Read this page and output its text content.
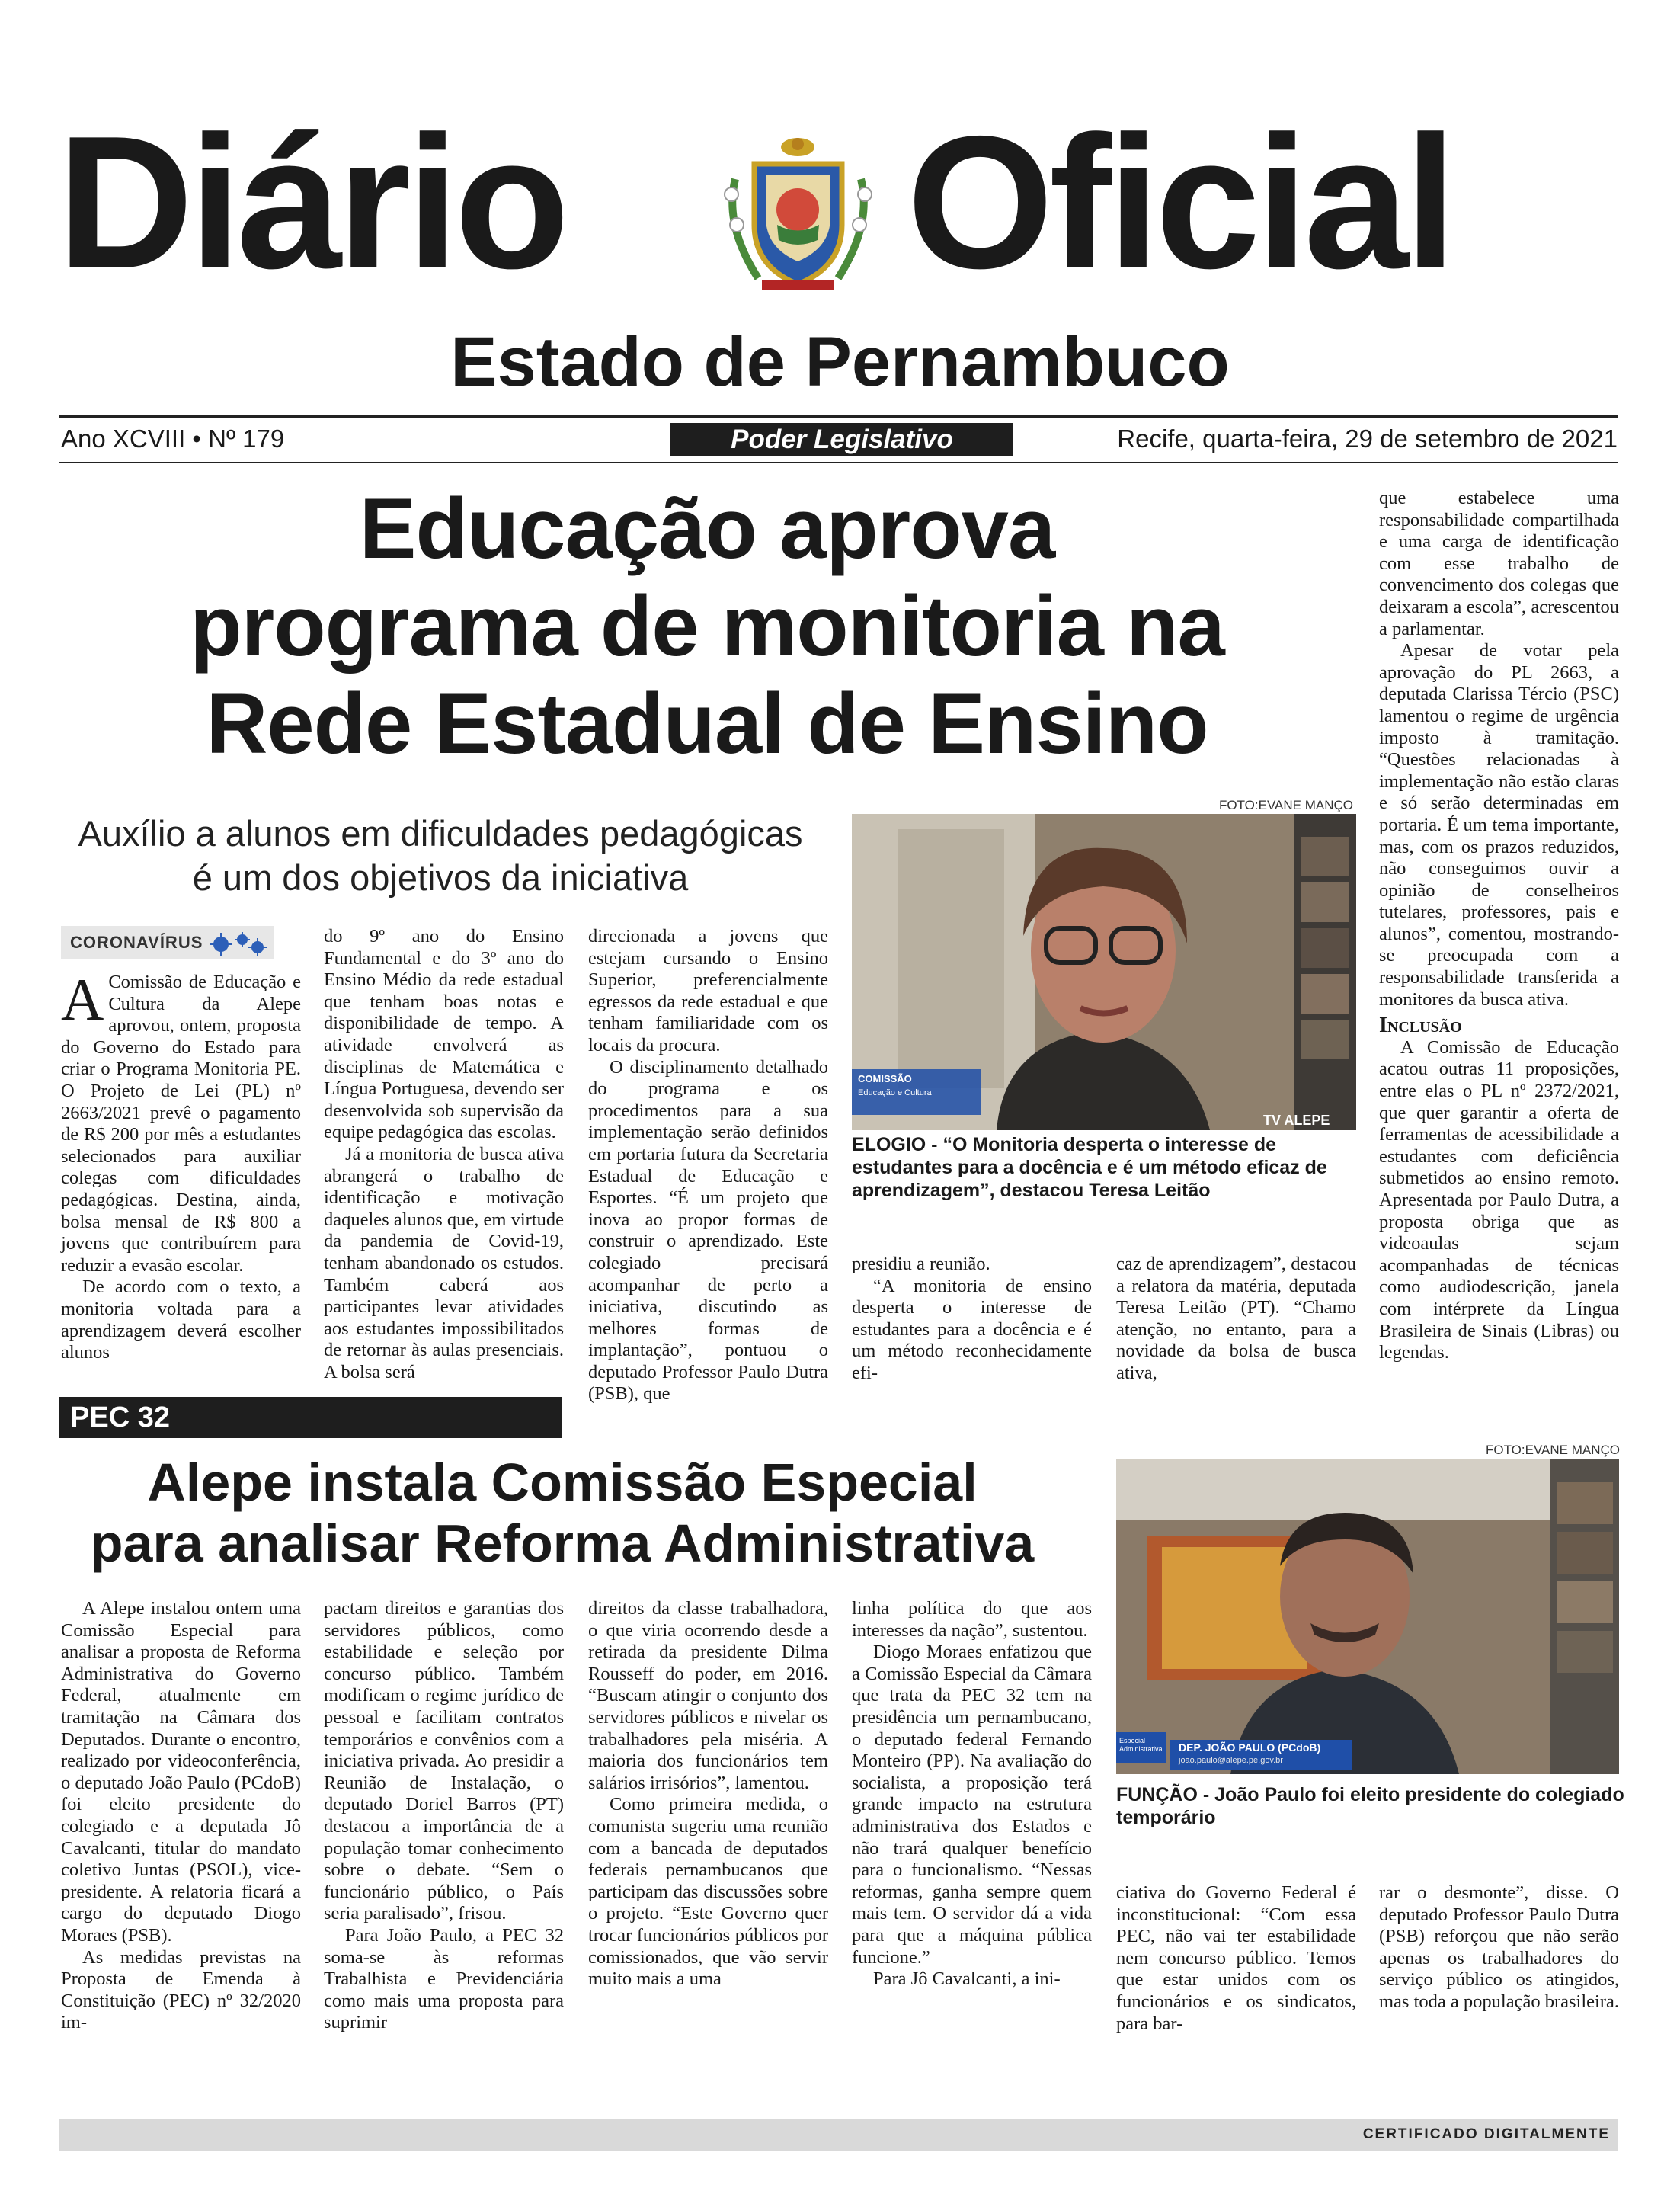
Diário Oficial
Estado de Pernambuco
Ano XCVIII • Nº 179	Poder Legislativo	Recife, quarta-feira, 29 de setembro de 2021
Educação aprova
programa de monitoria na
Rede Estadual de Ensino
Auxílio a alunos em dificuldades pedagógicas
é um dos objetivos da iniciativa
CORONAVÍRUS
A Comissão de Educação e Cultura da Alepe aprovou, ontem, proposta do Governo do Estado para criar o Programa Monitoria PE. O Projeto de Lei (PL) nº 2663/2021 prevê o pagamento de R$ 200 por mês a estudantes selecionados para auxiliar colegas com dificuldades pedagógicas. Destina, ainda, bolsa mensal de R$ 800 a jovens que contribuírem para reduzir a evasão escolar.

De acordo com o texto, a monitoria voltada para a aprendizagem deverá escolher alunos

do 9º ano do Ensino Fundamental e do 3º ano do Ensino Médio da rede estadual que tenham boas notas e disponibilidade de tempo. A atividade envolverá as disciplinas de Matemática e Língua Portuguesa, devendo ser desenvolvida sob supervisão da equipe pedagógica das escolas.

Já a monitoria de busca ativa abrangerá o trabalho de identificação e motivação daqueles alunos que, em virtude da pandemia de Covid-19, tenham abandonado os estudos. Também caberá aos participantes levar atividades aos estudantes impossibilitados de retornar às aulas presenciais. A bolsa será

direcionada a jovens que estejam cursando o Ensino Superior, preferencialmente egressos da rede estadual e que tenham familiaridade com os locais da procura.

O disciplinamento detalhado do programa e os procedimentos para a sua implementação serão definidos em portaria futura da Secretaria Estadual de Educação e Esportes. “É um projeto que inova ao propor formas de construir o aprendizado. Este colegiado precisará acompanhar de perto a iniciativa, discutindo as melhores formas de implantação”, pontuou o deputado Professor Paulo Dutra (PSB), que

FOTO:EVANE MANÇO
TV ALEPE
COMISSÃO
Educação e Cultura
ELOGIO - “O Monitoria desperta o interesse de estudantes para a docência e é um método eficaz de aprendizagem”, destacou Teresa Leitão

presidiu a reunião.

“A monitoria de ensino desperta o interesse de estudantes para a docência e é um método reconhecidamente efi-

caz de aprendizagem”, destacou a relatora da matéria, deputada Teresa Leitão (PT). “Chamo atenção, no entanto, para a novidade da bolsa de busca ativa,

que estabelece uma responsabilidade compartilhada e uma carga de identificação com esse trabalho de convencimento dos colegas que deixaram a escola”, acrescentou a parlamentar.

Apesar de votar pela aprovação do PL 2663, a deputada Clarissa Tércio (PSC) lamentou o regime de urgência imposto à tramitação. “Questões relacionadas à implementação não estão claras e só serão determinadas em portaria. É um tema importante, mas, com os prazos reduzidos, não conseguimos ouvir a opinião de conselheiros tutelares, professores, pais e alunos”, comentou, mostrando-se preocupada com a responsabilidade transferida a monitores da busca ativa.

Inclusão

A Comissão de Educação acatou outras 11 proposições, entre elas o PL nº 2372/2021, que quer garantir a oferta de ferramentas de acessibilidade a estudantes com deficiência submetidos ao ensino remoto. Apresentada por Paulo Dutra, a proposta obriga que as videoaulas sejam acompanhadas de técnicas como audiodescrição, janela com intérprete da Língua Brasileira de Sinais (Libras) ou legendas.

PEC 32
Alepe instala Comissão Especial
para analisar Reforma Administrativa
FOTO:EVANE MANÇO
DEP. JOÃO PAULO (PCdoB)
joao.paulo@alepe.pe.gov.br
Especial Administrativa
FUNÇÃO - João Paulo foi eleito presidente do colegiado temporário

A Alepe instalou ontem uma Comissão Especial para analisar a proposta de Reforma Administrativa do Governo Federal, atualmente em tramitação na Câmara dos Deputados. Durante o encontro, realizado por videoconferência, o deputado João Paulo (PCdoB) foi eleito presidente do colegiado e a deputada Jô Cavalcanti, titular do mandato coletivo Juntas (PSOL), vice-presidente. A relatoria ficará a cargo do deputado Diogo Moraes (PSB).

As medidas previstas na Proposta de Emenda à Constituição (PEC) nº 32/2020 im-

pactam direitos e garantias dos servidores públicos, como estabilidade e seleção por concurso público. Também modificam o regime jurídico de pessoal e facilitam contratos temporários e convênios com a iniciativa privada. Ao presidir a Reunião de Instalação, o deputado Doriel Barros (PT) destacou a importância de a população tomar conhecimento sobre o debate. “Sem o funcionário público, o País seria paralisado”, frisou.

Para João Paulo, a PEC 32 soma-se às reformas Trabalhista e Previdenciária como mais uma proposta para suprimir

direitos da classe trabalhadora, o que viria ocorrendo desde a retirada da presidente Dilma Rousseff do poder, em 2016. “Buscam atingir o conjunto dos servidores públicos e nivelar os trabalhadores pela miséria. A maioria dos funcionários tem salários irrisórios”, lamentou.

Como primeira medida, o comunista sugeriu uma reunião com a bancada de deputados federais pernambucanos que participam das discussões sobre o projeto. “Este Governo quer trocar funcionários públicos por comissionados, que vão servir muito mais a uma

linha política do que aos interesses da nação”, sustentou.

Diogo Moraes enfatizou que a Comissão Especial da Câmara que trata da PEC 32 tem na presidência um pernambucano, o deputado federal Fernando Monteiro (PP). Na avaliação do socialista, a proposição terá grande impacto na estrutura administrativa dos Estados e não trará qualquer benefício para o funcionalismo. “Nessas reformas, ganha sempre quem mais tem. O servidor dá a vida para que a máquina pública funcione.”

Para Jô Cavalcanti, a ini-

ciativa do Governo Federal é inconstitucional: “Com essa PEC, não vai ter estabilidade nem concurso público. Temos que estar unidos com os funcionários e os sindicatos, para bar-

rar o desmonte”, disse. O deputado Professor Paulo Dutra (PSB) reforçou que não serão apenas os trabalhadores do serviço público os atingidos, mas toda a população brasileira.

CERTIFICADO DIGITALMENTE
